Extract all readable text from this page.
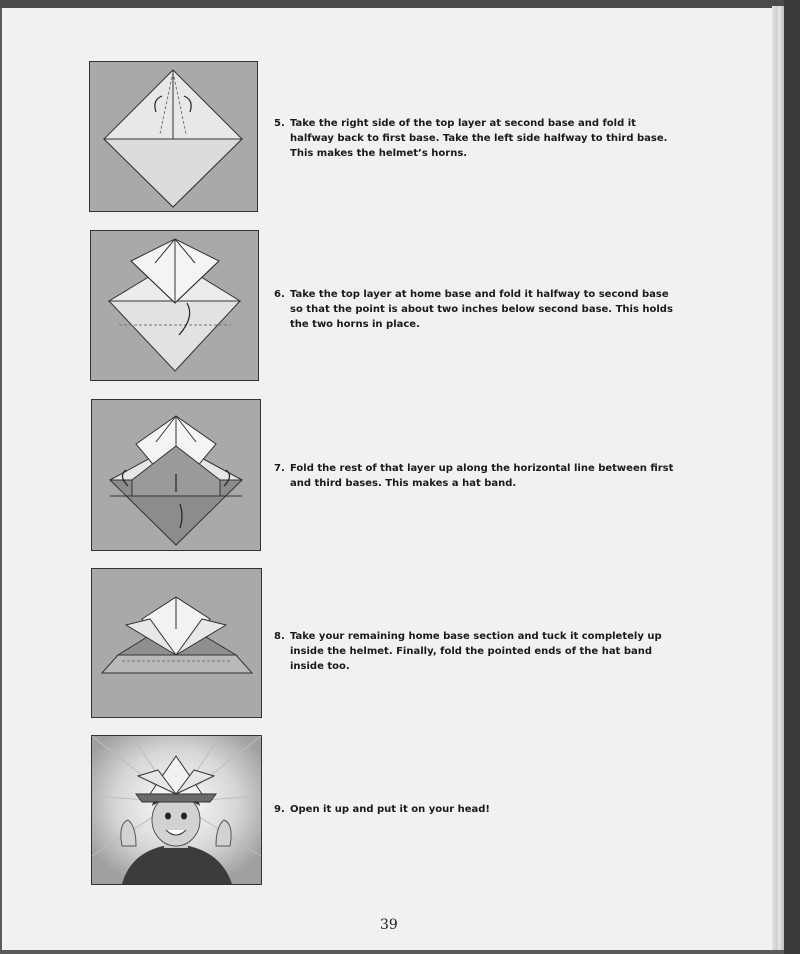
5. Take the right side of the top layer at second base and fold it halfway back to first base. Take the left side halfway to third base. This makes the helmet’s horns.
6. Take the top layer at home base and fold it halfway to second base so that the point is about two inches below second base. This holds the two horns in place.
7. Fold the rest of that layer up along the horizontal line between first and third bases. This makes a hat band.
8. Take your remaining home base section and tuck it completely up inside the helmet. Finally, fold the pointed ends of the hat band inside too.
9. Open it up and put it on your head!
39
